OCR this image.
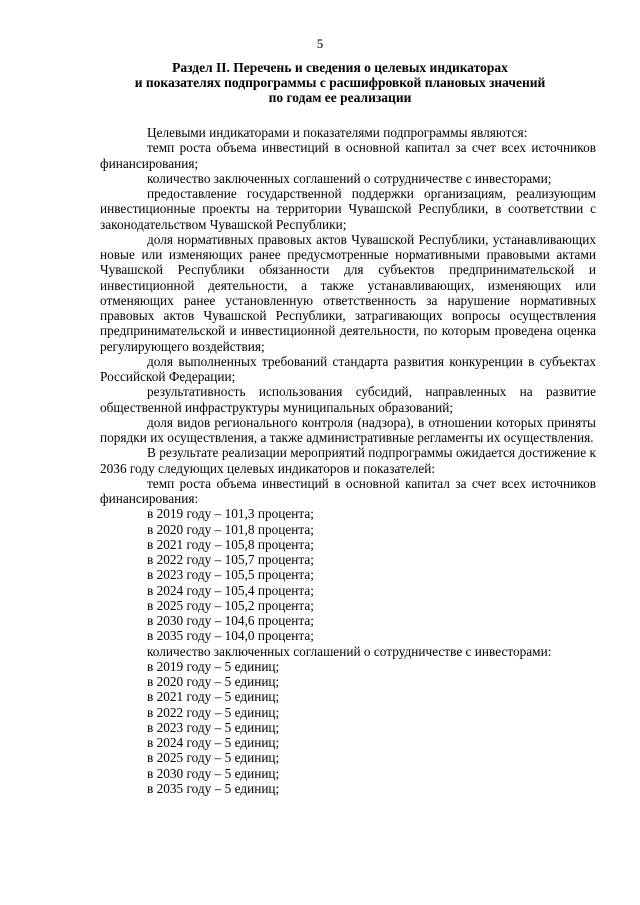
5
Раздел II. Перечень и сведения о целевых индикаторах
и показателях подпрограммы с расшифровкой плановых значений
по годам ее реализации

Целевыми индикаторами и показателями подпрограммы являются:

темп роста объема инвестиций в основной капитал за счет всех источников финансирования;

количество заключенных соглашений о сотрудничестве с инвесторами;

предоставление государственной поддержки организациям, реализующим инвестиционные проекты на территории Чувашской Республики, в соответствии с законодательством Чувашской Республики;

доля нормативных правовых актов Чувашской Республики, устанавливающих новые или изменяющих ранее предусмотренные нормативными правовыми актами Чувашской Республики обязанности для субъектов предпринимательской и инвестиционной деятельности, а также устанавливающих, изменяющих или отменяющих ранее установленную ответственность за нарушение нормативных правовых актов Чувашской Республики, затрагивающих вопросы осуществления предпринимательской и инвестиционной деятельности, по которым проведена оценка регулирующего воздействия;

доля выполненных требований стандарта развития конкуренции в субъектах Российской Федерации;

результативность использования субсидий, направленных на развитие общественной инфраструктуры муниципальных образований;

доля видов регионального контроля (надзора), в отношении которых приняты порядки их осуществления, а также административные регламенты их осуществления.

В результате реализации мероприятий подпрограммы ожидается достижение к 2036 году следующих целевых индикаторов и показателей:

темп роста объема инвестиций в основной капитал за счет всех источников финансирования:

в 2019 году – 101,3 процента;

в 2020 году – 101,8 процента;

в 2021 году – 105,8 процента;

в 2022 году – 105,7 процента;

в 2023 году – 105,5 процента;

в 2024 году – 105,4 процента;

в 2025 году – 105,2 процента;

в 2030 году – 104,6 процента;

в 2035 году – 104,0 процента;

количество заключенных соглашений о сотрудничестве с инвесторами:

в 2019 году – 5 единиц;

в 2020 году – 5 единиц;

в 2021 году – 5 единиц;

в 2022 году – 5 единиц;

в 2023 году – 5 единиц;

в 2024 году – 5 единиц;

в 2025 году – 5 единиц;

в 2030 году – 5 единиц;

в 2035 году – 5 единиц;
